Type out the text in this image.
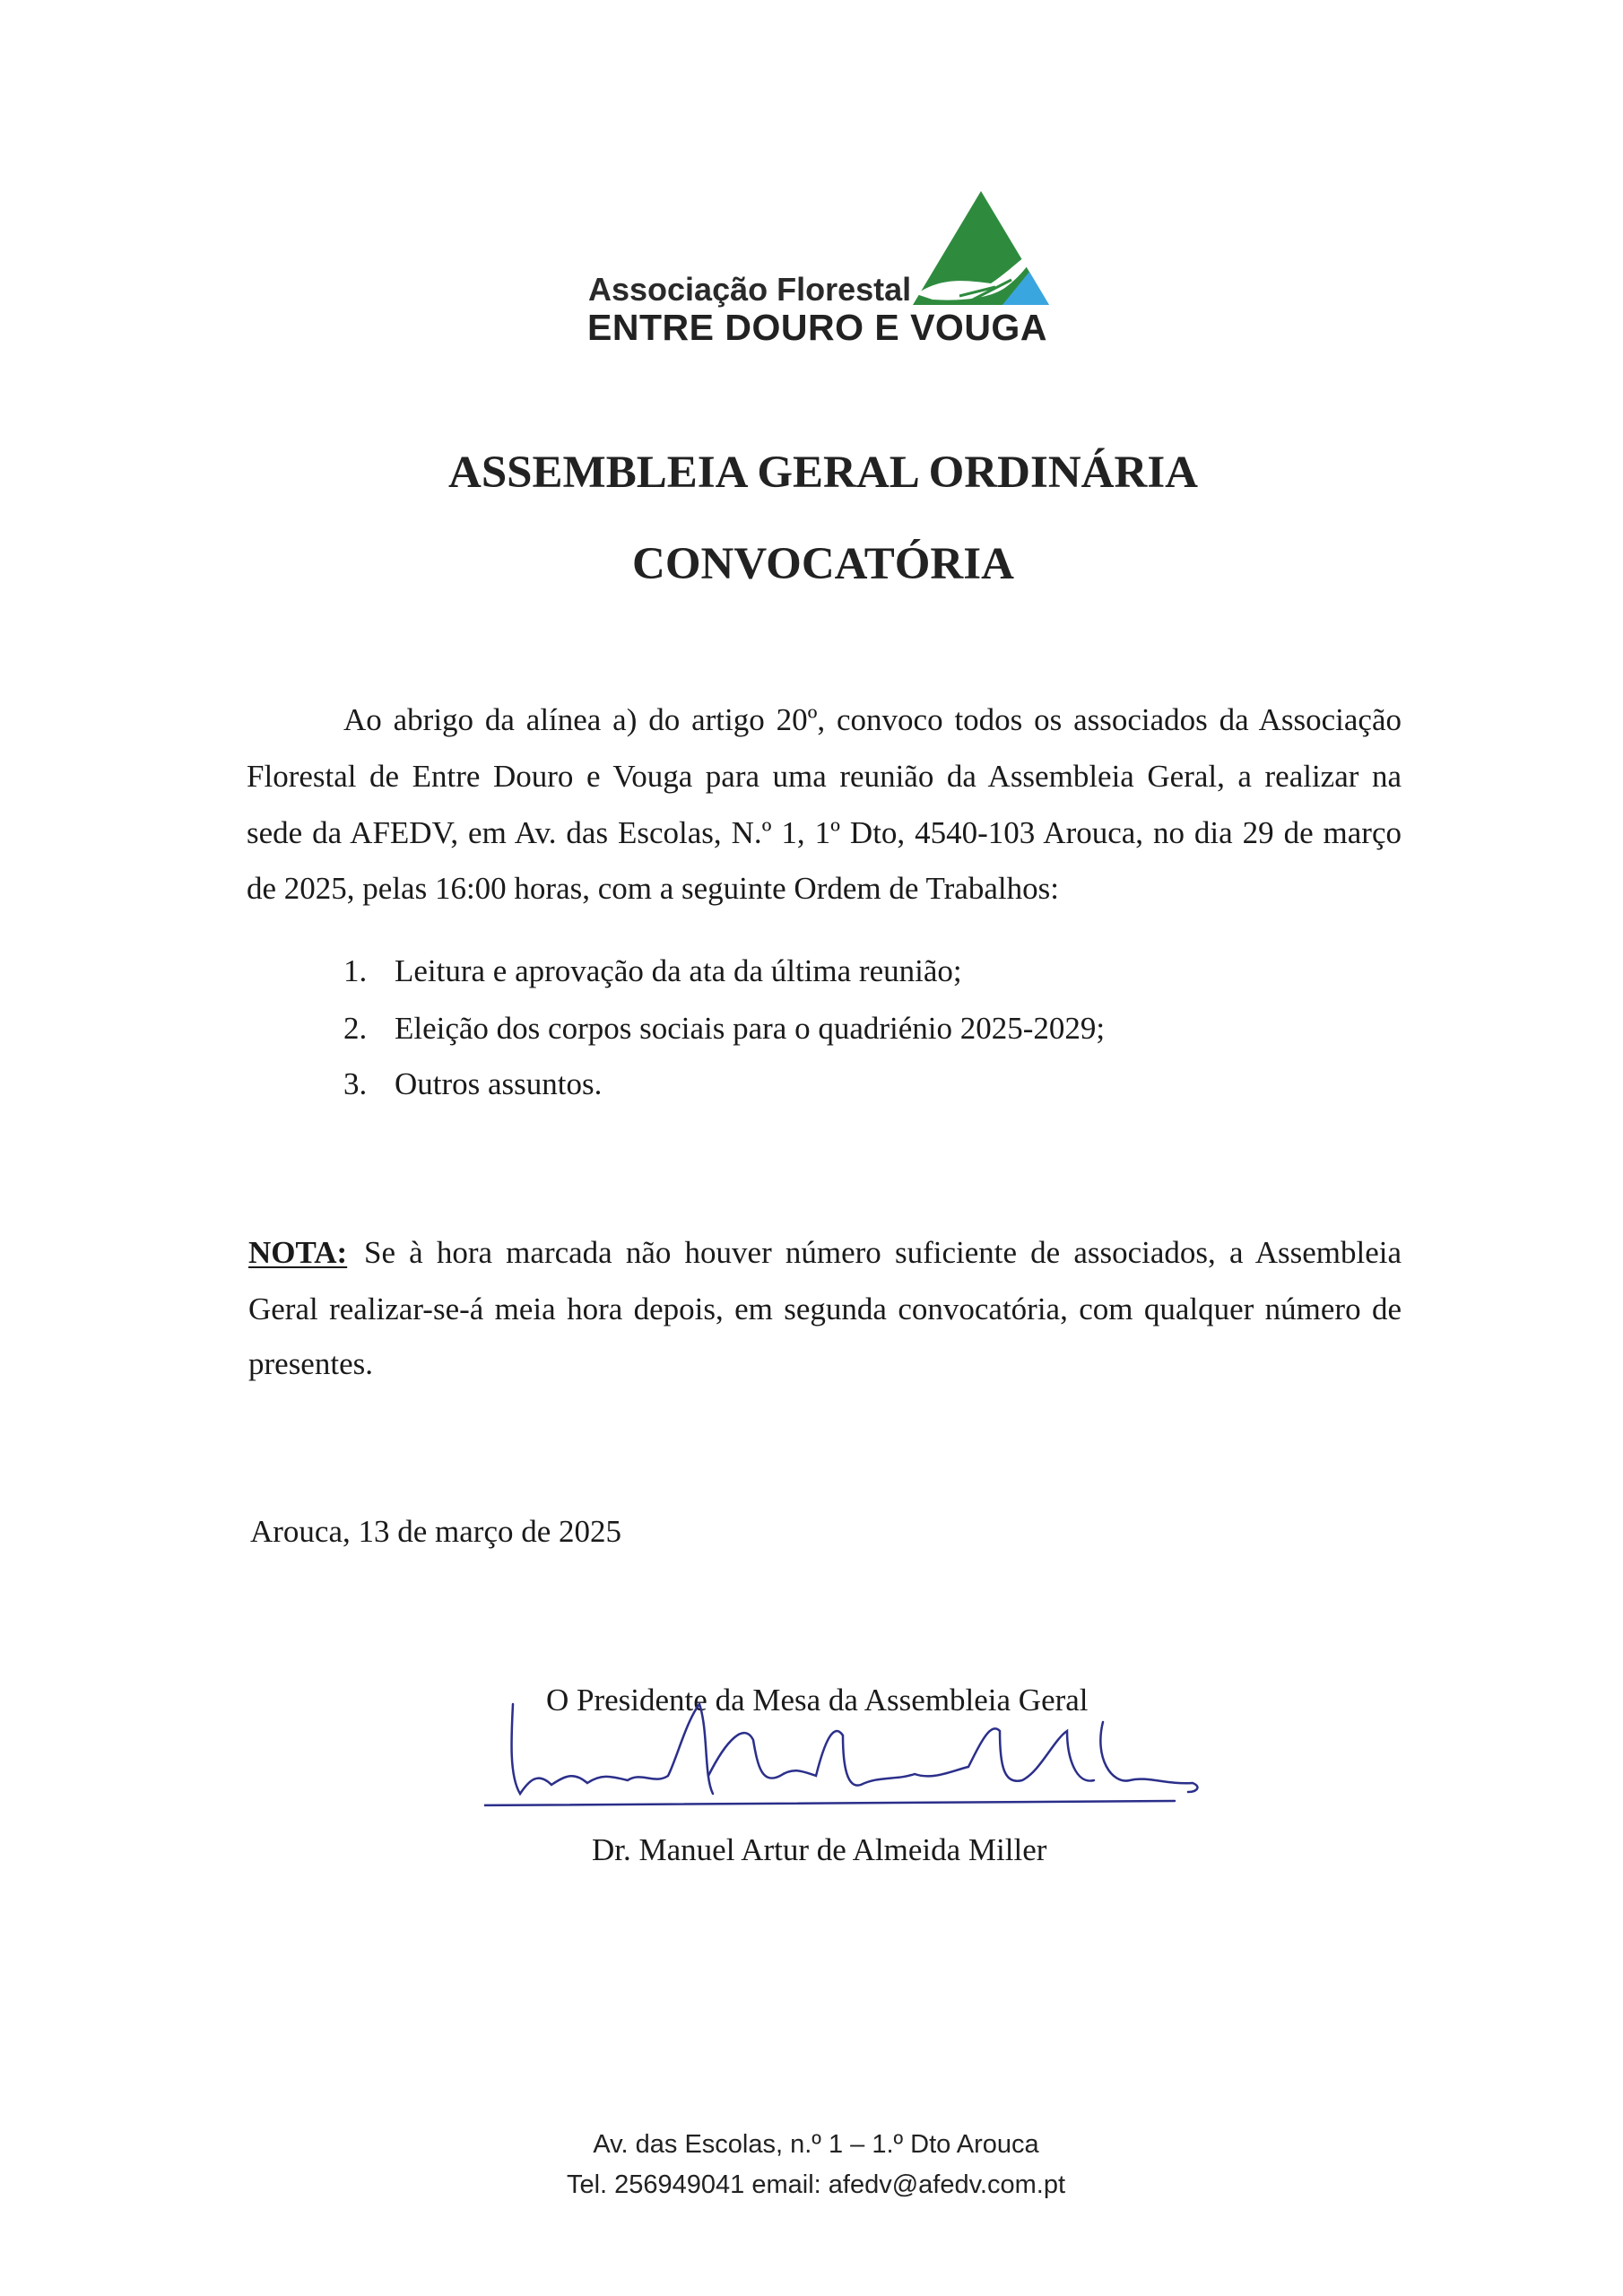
Associação Florestal
ENTRE DOURO E VOUGA
ASSEMBLEIA GERAL ORDINÁRIA
CONVOCATÓRIA
Ao abrigo da alínea a) do artigo 20º, convoco todos os associados da Associação
Florestal de Entre Douro e Vouga para uma reunião da Assembleia Geral, a realizar na
sede da AFEDV, em Av. das Escolas, N.º 1, 1º Dto, 4540-103 Arouca, no dia 29 de março
de 2025, pelas 16:00 horas, com a seguinte Ordem de Trabalhos:
1. Leitura e aprovação da ata da última reunião;
2. Eleição dos corpos sociais para o quadriénio 2025-2029;
3. Outros assuntos.
NOTA: Se à hora marcada não houver número suficiente de associados, a Assembleia
Geral realizar-se-á meia hora depois, em segunda convocatória, com qualquer número de
presentes.
Arouca, 13 de março de 2025
O Presidente da Mesa da Assembleia Geral
Dr. Manuel Artur de Almeida Miller
Av. das Escolas, n.º 1 – 1.º Dto Arouca
Tel. 256949041 email: afedv@afedv.com.pt
